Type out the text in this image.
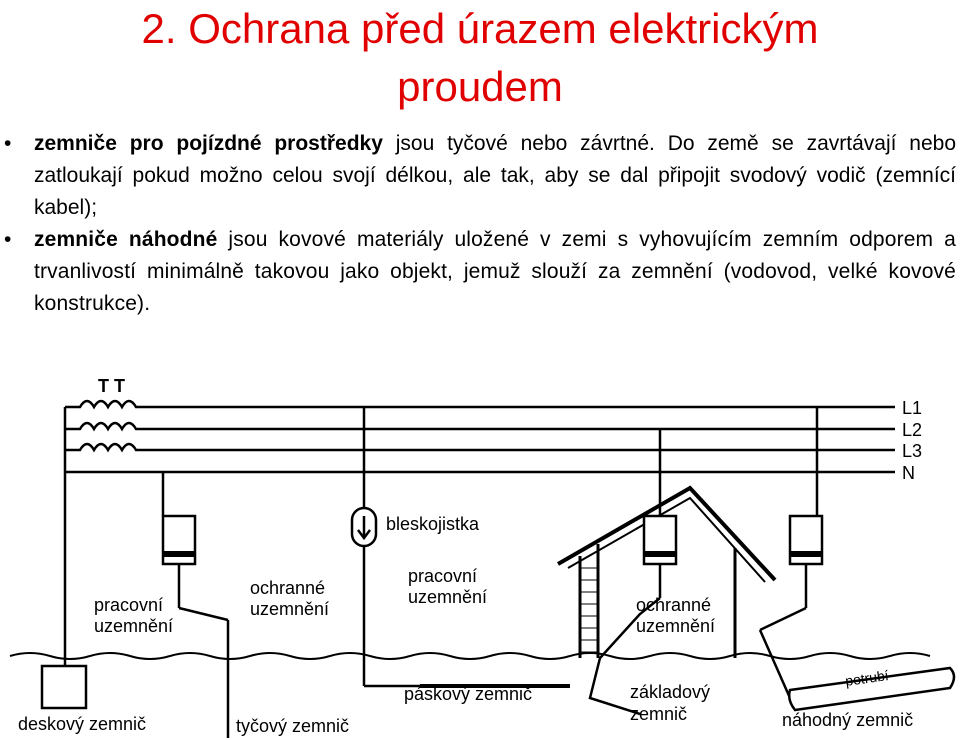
2. Ochrana před úrazem elektrickým
proudem
• zemniče pro pojízdné prostředky jsou tyčové nebo závrtné. Do země se zavrtávají nebo zatloukají pokud možno celou svojí délkou, ale tak, aby se dal připojit svodový vodič (zemnící kabel);
• zemniče náhodné jsou kovové materiály uložené v zemi s vyhovujícím zemním odporem a trvanlivostí minimálně takovou jako objekt, jemuž slouží za zemnění (vodovod, velké kovové konstrukce).
T T
L1
L2
L3
N
bleskojistka
pracovní
uzemnění
ochranné
uzemnění
pracovní
uzemnění	ochranné
uzemnění
deskový zemnič	tyčový zemnič
páskový zemnič	základový
zemnič
potrubí
náhodný zemnič
